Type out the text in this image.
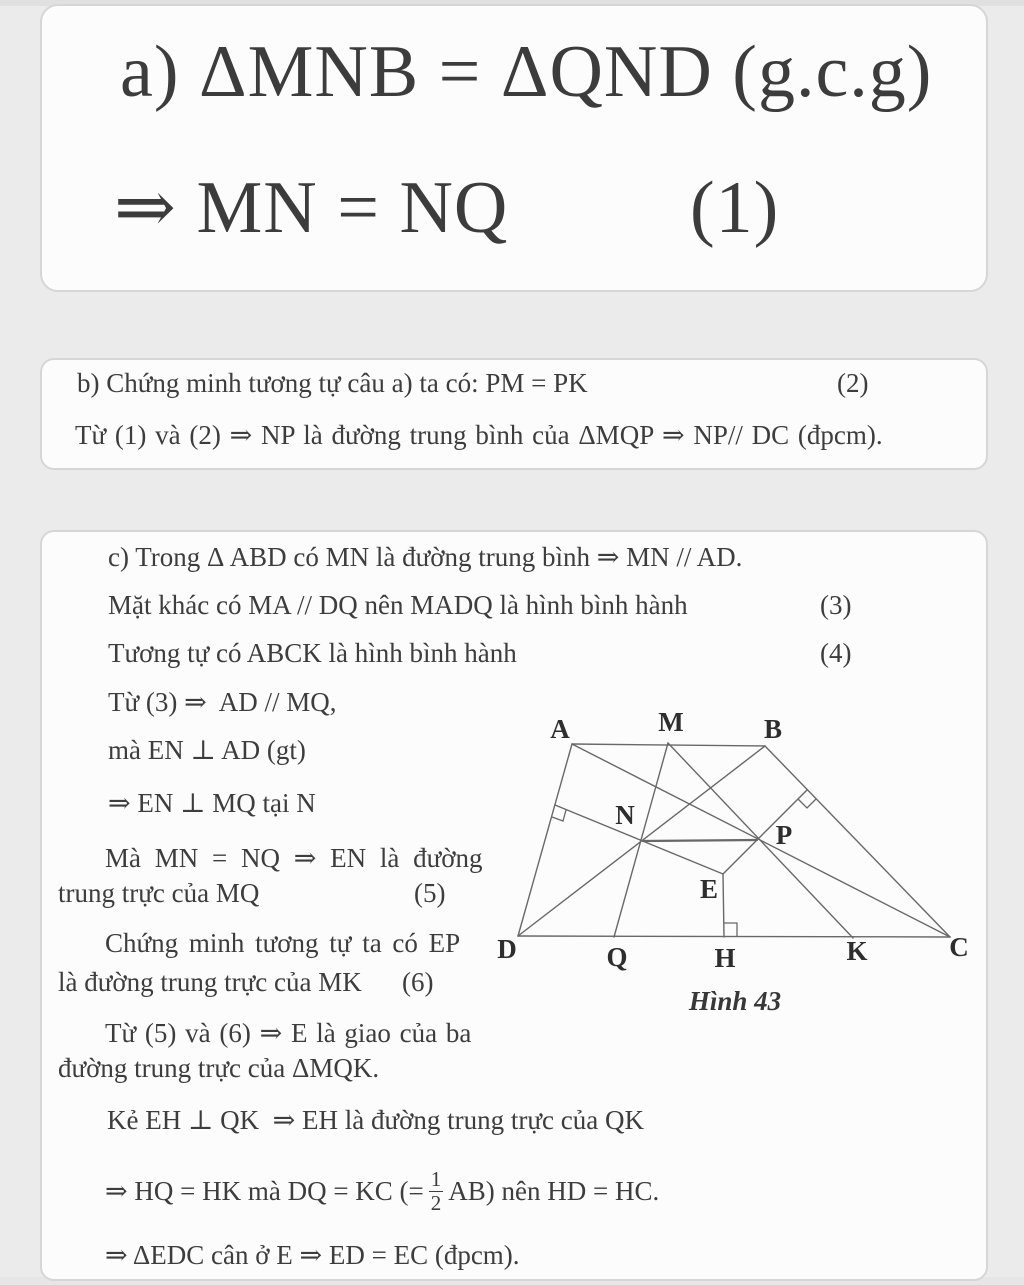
a) ΔMNB = ΔQND (g.c.g)
⇒ MN = NQ (1)
b) Chứng minh tương tự câu a) ta có: PM = PK	(2)
Từ (1) và (2) ⇒ NP là đường trung bình của ΔMQP ⇒ NP// DC (đpcm).
c) Trong Δ ABD có MN là đường trung bình ⇒ MN // AD.
Mặt khác có MA // DQ nên MADQ là hình bình hành	(3)
Tương tự có ABCK là hình bình hành	(4)
Từ (3) ⇒  AD // MQ,
mà EN ⊥ AD (gt)
⇒ EN ⊥ MQ tại N
Mà MN = NQ ⇒ EN là đường
trung trực của MQ	(5)
Chứng minh tương tự ta có EP
là đường trung trực của MK (6)
Từ (5) và (6) ⇒ E là giao của ba
đường trung trực của ΔMQK.
Kẻ EH ⊥ QK  ⇒ EH là đường trung trực của QK
⇒ HQ = HK mà DQ = KC (= $\frac{1}{2} AB$) nên HD = HC.
⇒ ΔEDC cân ở E ⇒ ED = EC (đpcm).
A	M	B
N
P
E
D	Q	H	K	C
Hình 43
